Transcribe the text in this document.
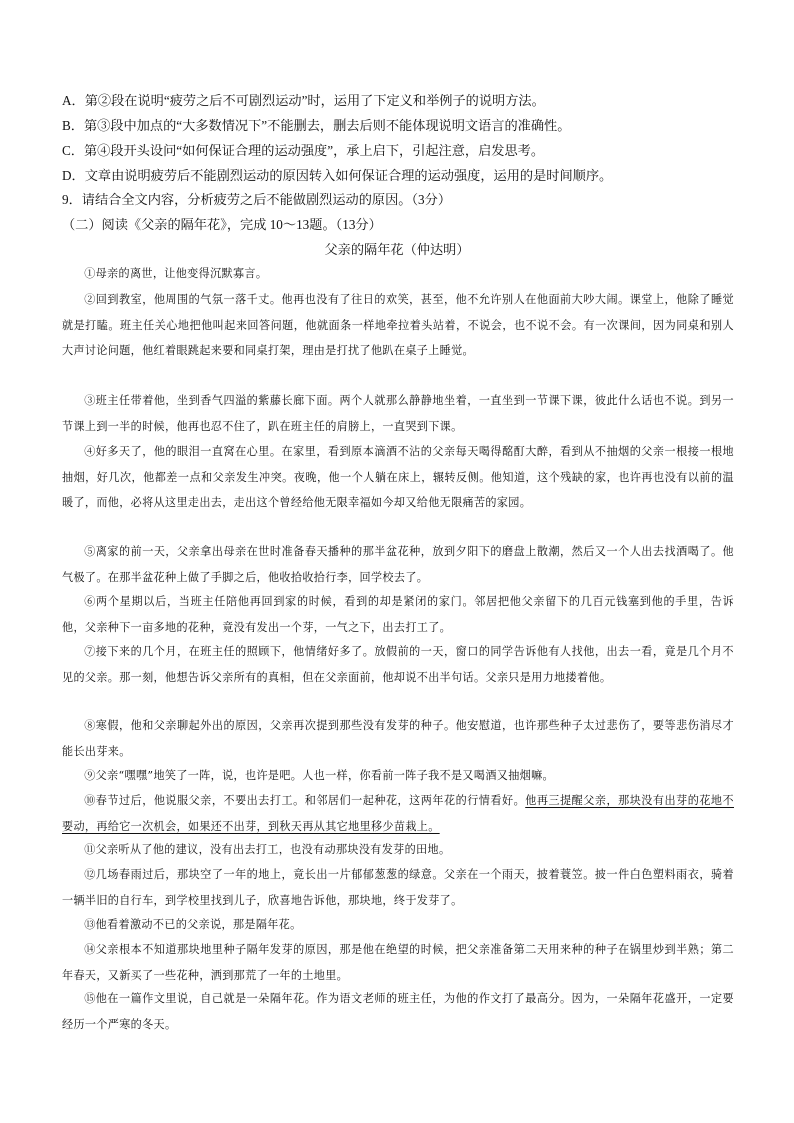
A．第②段在说明“疲劳之后不可剧烈运动”时，运用了下定义和举例子的说明方法。
B．第③段中加点的“大多数情况下”不能删去，删去后则不能体现说明文语言的准确性。
C．第④段开头设问“如何保证合理的运动强度”，承上启下，引起注意，启发思考。
D．文章由说明疲劳后不能剧烈运动的原因转入如何保证合理的运动强度，运用的是时间顺序。
9．请结合全文内容，分析疲劳之后不能做剧烈运动的原因。（3分）
（二）阅读《父亲的隔年花》，完成 10～13题。（13分）
父亲的隔年花（仲达明）

①母亲的离世，让他变得沉默寡言。

②回到教室，他周围的气氛一落千丈。他再也没有了往日的欢笑，甚至，他不允许别人在他面前大吵大闹。课堂上，他除了睡觉就是打瞌。班主任关心地把他叫起来回答问题，他就面条一样地牵拉着头站着，不说会，也不说不会。有一次课间，因为同桌和别人大声讨论问题，他红着眼跳起来要和同桌打架，理由是打扰了他趴在桌子上睡觉。

③班主任带着他，坐到香气四溢的紫藤长廊下面。两个人就那么静静地坐着，一直坐到一节课下课，彼此什么话也不说。到另一节课上到一半的时候，他再也忍不住了，趴在班主任的肩膀上，一直哭到下课。

④好多天了，他的眼泪一直窝在心里。在家里，看到原本滴酒不沾的父亲每天喝得酩酊大醉，看到从不抽烟的父亲一根接一根地抽烟，好几次，他都差一点和父亲发生冲突。夜晚，他一个人躺在床上，辗转反侧。他知道，这个残缺的家，也许再也没有以前的温暖了，而他，必将从这里走出去，走出这个曾经给他无限幸福如今却又给他无限痛苦的家园。

⑤离家的前一天，父亲拿出母亲在世时准备春天播种的那半盆花种，放到夕阳下的磨盘上散潮，然后又一个人出去找酒喝了。他气极了。在那半盆花种上做了手脚之后，他收拾收拾行李，回学校去了。

⑥两个星期以后，当班主任陪他再回到家的时候，看到的却是紧闭的家门。邻居把他父亲留下的几百元钱塞到他的手里，告诉他，父亲种下一亩多地的花种，竟没有发出一个芽，一气之下，出去打工了。

⑦接下来的几个月，在班主任的照顾下，他情绪好多了。放假前的一天，窗口的同学告诉他有人找他，出去一看，竟是几个月不见的父亲。那一刻，他想告诉父亲所有的真相，但在父亲面前，他却说不出半句话。父亲只是用力地搂着他。

⑧寒假，他和父亲聊起外出的原因，父亲再次提到那些没有发芽的种子。他安慰道，也许那些种子太过悲伤了，要等悲伤消尽才能长出芽来。

⑨父亲“嘿嘿”地笑了一阵，说，也许是吧。人也一样，你看前一阵子我不是又喝酒又抽烟嘛。

⑩春节过后，他说服父亲，不要出去打工。和邻居们一起种花，这两年花的行情看好。他再三提醒父亲，那块没有出芽的花地不要动，再给它一次机会，如果还不出芽，到秋天再从其它地里移少苗栽上。

⑪父亲听从了他的建议，没有出去打工，也没有动那块没有发芽的田地。

⑫几场春雨过后，那块空了一年的地上，竟长出一片郁郁葱葱的绿意。父亲在一个雨天，披着蓑笠。披一件白色塑料雨衣，骑着一辆半旧的自行车，到学校里找到儿子，欣喜地告诉他，那块地，终于发芽了。

⑬他看着激动不已的父亲说，那是隔年花。

⑭父亲根本不知道那块地里种子隔年发芽的原因，那是他在绝望的时候，把父亲准备第二天用来种的种子在锅里炒到半熟；第二年春天，又新买了一些花种，洒到那荒了一年的土地里。

⑮他在一篇作文里说，自己就是一朵隔年花。作为语文老师的班主任，为他的作文打了最高分。因为，一朵隔年花盛开，一定要经历一个严寒的冬天。
